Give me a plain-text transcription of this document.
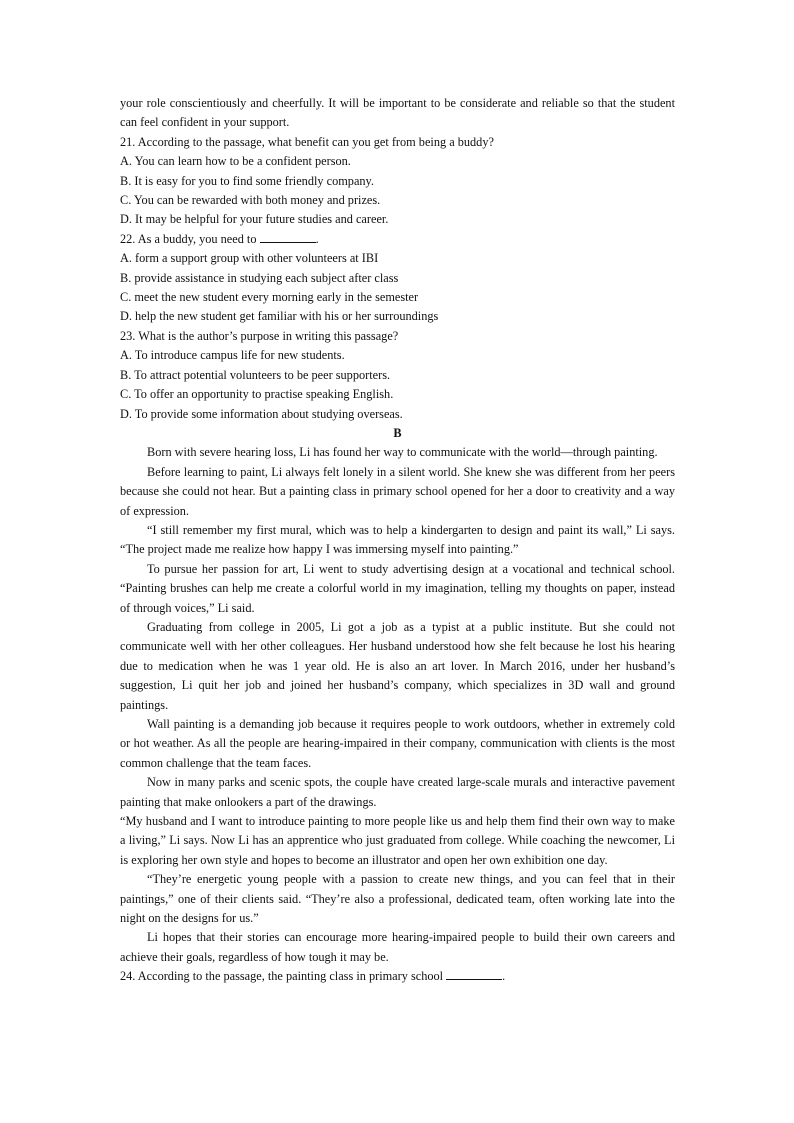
your role conscientiously and cheerfully. It will be important to be considerate and reliable so that the student can feel confident in your support.
21. According to the passage, what benefit can you get from being a buddy?
A. You can learn how to be a confident person.
B. It is easy for you to find some friendly company.
C. You can be rewarded with both money and prizes.
D. It may be helpful for your future studies and career.
22. As a buddy, you need to	.
A. form a support group with other volunteers at IBI
B. provide assistance in studying each subject after class
C. meet the new student every morning early in the semester
D. help the new student get familiar with his or her surroundings
23. What is the author’s purpose in writing this passage?
A. To introduce campus life for new students.
B. To attract potential volunteers to be peer supporters.
C. To offer an opportunity to practise speaking English.
D. To provide some information about studying overseas.
B
Born with severe hearing loss, Li has found her way to communicate with the world—through painting.
Before learning to paint, Li always felt lonely in a silent world. She knew she was different from her peers because she could not hear. But a painting class in primary school opened for her a door to creativity and a way of expression.
“I still remember my first mural, which was to help a kindergarten to design and paint its wall,” Li says. “The project made me realize how happy I was immersing myself into painting.”
To pursue her passion for art, Li went to study advertising design at a vocational and technical school. “Painting brushes can help me create a colorful world in my imagination, telling my thoughts on paper, instead of through voices,” Li said.
Graduating from college in 2005, Li got a job as a typist at a public institute. But she could not communicate well with her other colleagues. Her husband understood how she felt because he lost his hearing due to medication when he was 1 year old. He is also an art lover. In March 2016, under her husband’s suggestion, Li quit her job and joined her husband’s company, which specializes in 3D wall and ground paintings.
Wall painting is a demanding job because it requires people to work outdoors, whether in extremely cold or hot weather. As all the people are hearing-impaired in their company, communication with clients is the most common challenge that the team faces.
Now in many parks and scenic spots, the couple have created large-scale murals and interactive pavement painting that make onlookers a part of the drawings.
“My husband and I want to introduce painting to more people like us and help them find their own way to make a living,” Li says. Now Li has an apprentice who just graduated from college. While coaching the newcomer, Li is exploring her own style and hopes to become an illustrator and open her own exhibition one day.
“They’re energetic young people with a passion to create new things, and you can feel that in their paintings,” one of their clients said. “They’re also a professional, dedicated team, often working late into the night on the designs for us.”
Li hopes that their stories can encourage more hearing-impaired people to build their own careers and achieve their goals, regardless of how tough it may be.
24. According to the passage, the painting class in primary school	.
